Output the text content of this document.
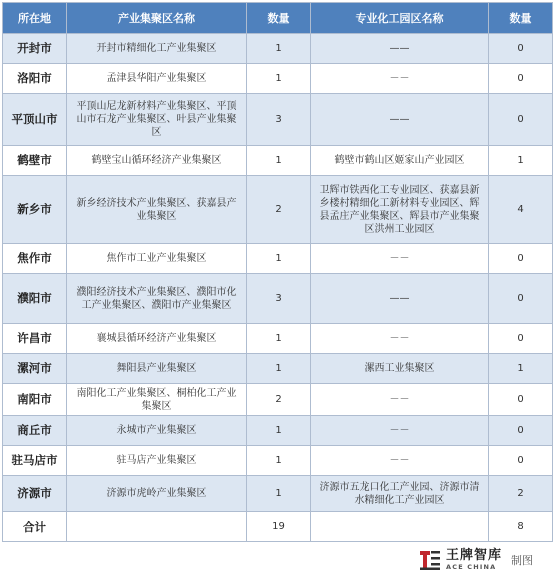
所在地	产业集聚区名称	数量	专业化工园区名称	数量
开封市	开封市精细化工产业集聚区	1	——	0
洛阳市	孟津县华阳产业集聚区	1	－－	0
平顶山市	平顶山尼龙新材料产业集聚区、平顶山市石龙产业集聚区、叶县产业集聚区	3	——	0
鹤壁市	鹤壁宝山循环经济产业集聚区	1	鹤壁市鹤山区姬家山产业园区	1
新乡市	新乡经济技术产业集聚区、获嘉县产业集聚区	2	卫辉市铁西化工专业园区、获嘉县新乡楼村精细化工新材料专业园区、辉县孟庄产业集聚区、辉县市产业集聚区洪州工业园区	4
焦作市	焦作市工业产业集聚区	1	－－	0
濮阳市	濮阳经济技术产业集聚区、濮阳市化工产业集聚区、濮阳市产业集聚区	3	——	0
许昌市	襄城县循环经济产业集聚区	1	－－	0
漯河市	舞阳县产业集聚区	1	漯西工业集聚区	1
南阳市	南阳化工产业集聚区、桐柏化工产业集聚区	2	－－	0
商丘市	永城市产业集聚区	1	－－	0
驻马店市	驻马店产业集聚区	1	－－	0
济源市	济源市虎岭产业集聚区	1	济源市五龙口化工产业园、济源市清水精细化工产业园区	2
合计		19		8
王牌智库
ACE CHINA
制图
